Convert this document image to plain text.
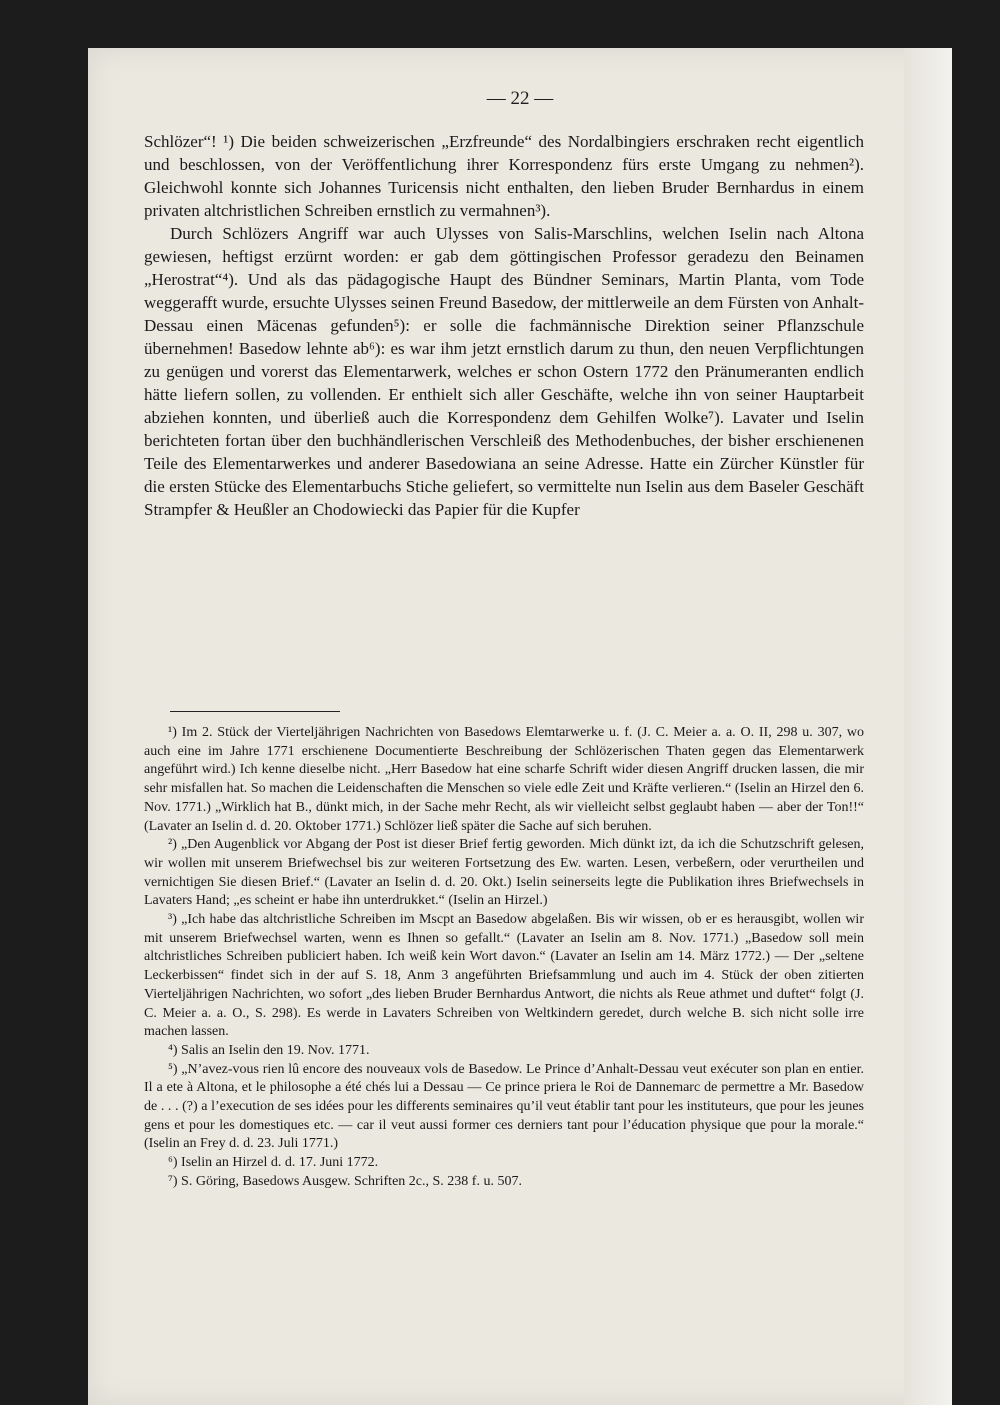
— 22 —

Schlözer“! ¹) Die beiden schweizerischen „Erzfreunde“ des Nordalbingiers erschraken recht eigentlich und beschlossen, von der Veröffentlichung ihrer Korrespondenz fürs erste Umgang zu nehmen²). Gleichwohl konnte sich Johannes Turicensis nicht enthalten, den lieben Bruder Bernhardus in einem privaten altchristlichen Schreiben ernstlich zu vermahnen³).

Durch Schlözers Angriff war auch Ulysses von Salis-Marschlins, welchen Iselin nach Altona gewiesen, heftigst erzürnt worden: er gab dem göttingischen Professor geradezu den Beinamen „Herostrat“⁴). Und als das pädagogische Haupt des Bündner Seminars, Martin Planta, vom Tode weggerafft wurde, ersuchte Ulysses seinen Freund Basedow, der mittlerweile an dem Fürsten von Anhalt-Dessau einen Mäcenas gefunden⁵): er solle die fachmännische Direktion seiner Pflanzschule übernehmen! Basedow lehnte ab⁶): es war ihm jetzt ernstlich darum zu thun, den neuen Verpflichtungen zu genügen und vorerst das Elementarwerk, welches er schon Ostern 1772 den Pränumeranten endlich hätte liefern sollen, zu vollenden. Er enthielt sich aller Geschäfte, welche ihn von seiner Hauptarbeit abziehen konnten, und überließ auch die Korrespondenz dem Gehilfen Wolke⁷). Lavater und Iselin berichteten fortan über den buchhändlerischen Verschleiß des Methodenbuches, der bisher erschienenen Teile des Elementarwerkes und anderer Basedowiana an seine Adresse. Hatte ein Zürcher Künstler für die ersten Stücke des Elementarbuchs Stiche geliefert, so vermittelte nun Iselin aus dem Baseler Geschäft Strampfer & Heußler an Chodowiecki das Papier für die Kupfer

¹) Im 2. Stück der Vierteljährigen Nachrichten von Basedows Elemtarwerke u. f. (J. C. Meier a. a. O. II, 298 u. 307, wo auch eine im Jahre 1771 erschienene Documentierte Beschreibung der Schlözerischen Thaten gegen das Elementarwerk angeführt wird.) Ich kenne dieselbe nicht. „Herr Basedow hat eine scharfe Schrift wider diesen Angriff drucken lassen, die mir sehr misfallen hat. So machen die Leidenschaften die Menschen so viele edle Zeit und Kräfte verlieren.“ (Iselin an Hirzel den 6. Nov. 1771.) „Wirklich hat B., dünkt mich, in der Sache mehr Recht, als wir vielleicht selbst geglaubt haben — aber der Ton!!“ (Lavater an Iselin d. d. 20. Oktober 1771.) Schlözer ließ später die Sache auf sich beruhen.

²) „Den Augenblick vor Abgang der Post ist dieser Brief fertig geworden. Mich dünkt izt, da ich die Schutzschrift gelesen, wir wollen mit unserem Briefwechsel bis zur weiteren Fortsetzung des Ew. warten. Lesen, verbeßern, oder verurtheilen und vernichtigen Sie diesen Brief.“ (Lavater an Iselin d. d. 20. Okt.) Iselin seinerseits legte die Publikation ihres Briefwechsels in Lavaters Hand; „es scheint er habe ihn unterdrukket.“ (Iselin an Hirzel.)

³) „Ich habe das altchristliche Schreiben im Mscpt an Basedow abgelaßen. Bis wir wissen, ob er es herausgibt, wollen wir mit unserem Briefwechsel warten, wenn es Ihnen so gefallt.“ (Lavater an Iselin am 8. Nov. 1771.) „Basedow soll mein altchristliches Schreiben publiciert haben. Ich weiß kein Wort davon.“ (Lavater an Iselin am 14. März 1772.) — Der „seltene Leckerbissen“ findet sich in der auf S. 18, Anm 3 angeführten Briefsammlung und auch im 4. Stück der oben zitierten Vierteljährigen Nachrichten, wo sofort „des lieben Bruder Bernhardus Antwort, die nichts als Reue athmet und duftet“ folgt (J. C. Meier a. a. O., S. 298). Es werde in Lavaters Schreiben von Weltkindern geredet, durch welche B. sich nicht solle irre machen lassen.

⁴) Salis an Iselin den 19. Nov. 1771.

⁵) „N’avez-vous rien lû encore des nouveaux vols de Basedow. Le Prince d’Anhalt-Dessau veut exécuter son plan en entier. Il a ete à Altona, et le philosophe a été chés lui a Dessau — Ce prince priera le Roi de Dannemarc de permettre a Mr. Basedow de . . . (?) a l’execution de ses idées pour les differents seminaires qu’il veut établir tant pour les instituteurs, que pour les jeunes gens et pour les domestiques etc. — car il veut aussi former ces derniers tant pour l’éducation physique que pour la morale.“ (Iselin an Frey d. d. 23. Juli 1771.)

⁶) Iselin an Hirzel d. d. 17. Juni 1772.

⁷) S. Göring, Basedows Ausgew. Schriften 2c., S. 238 f. u. 507.
